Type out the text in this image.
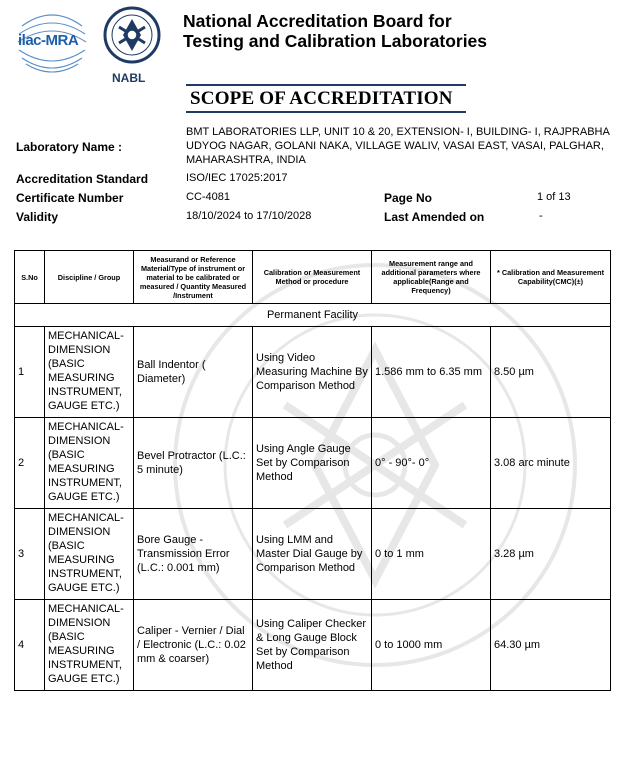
ilac-MRA
NABL
National Accreditation Board for
Testing and Calibration Laboratories
SCOPE OF ACCREDITATION
Laboratory Name :
BMT LABORATORIES LLP, UNIT 10 & 20, EXTENSION- I, BUILDING- I, RAJPRABHA
UDYOG NAGAR, GOLANI NAKA, VILLAGE WALIV, VASAI EAST, VASAI, PALGHAR,
MAHARASHTRA, INDIA
Accreditation Standard	ISO/IEC 17025:2017
Certificate Number	CC-4081	Page No	1 of 13
Validity	18/10/2024 to 17/10/2028	Last Amended on	-
S.No	Discipline / Group	Measurand or Reference Material/Type of instrument or material to be calibrated or measured / Quantity Measured /Instrument	Calibration or Measurement Method or procedure	Measurement range and additional parameters where applicable(Range and Frequency)	* Calibration and Measurement Capability(CMC)(±)
Permanent Facility					
1	MECHANICAL- DIMENSION (BASIC MEASURING INSTRUMENT, GAUGE ETC.)	Ball Indentor ( Diameter)	Using Video Measuring Machine By Comparison Method	1.586 mm to 6.35 mm	8.50 µm
2	MECHANICAL- DIMENSION (BASIC MEASURING INSTRUMENT, GAUGE ETC.)	Bevel Protractor (L.C.: 5 minute)	Using Angle Gauge Set by Comparison Method	0° - 90°- 0°	3.08 arc minute
3	MECHANICAL- DIMENSION (BASIC MEASURING INSTRUMENT, GAUGE ETC.)	Bore Gauge - Transmission Error (L.C.: 0.001 mm)	Using LMM and Master Dial Gauge by Comparison Method	0 to 1 mm	3.28 µm
4	MECHANICAL- DIMENSION (BASIC MEASURING INSTRUMENT, GAUGE ETC.)	Caliper - Vernier / Dial / Electronic (L.C.: 0.02 mm & coarser)	Using Caliper Checker & Long Gauge Block Set by Comparison Method	0 to 1000 mm	64.30 µm
